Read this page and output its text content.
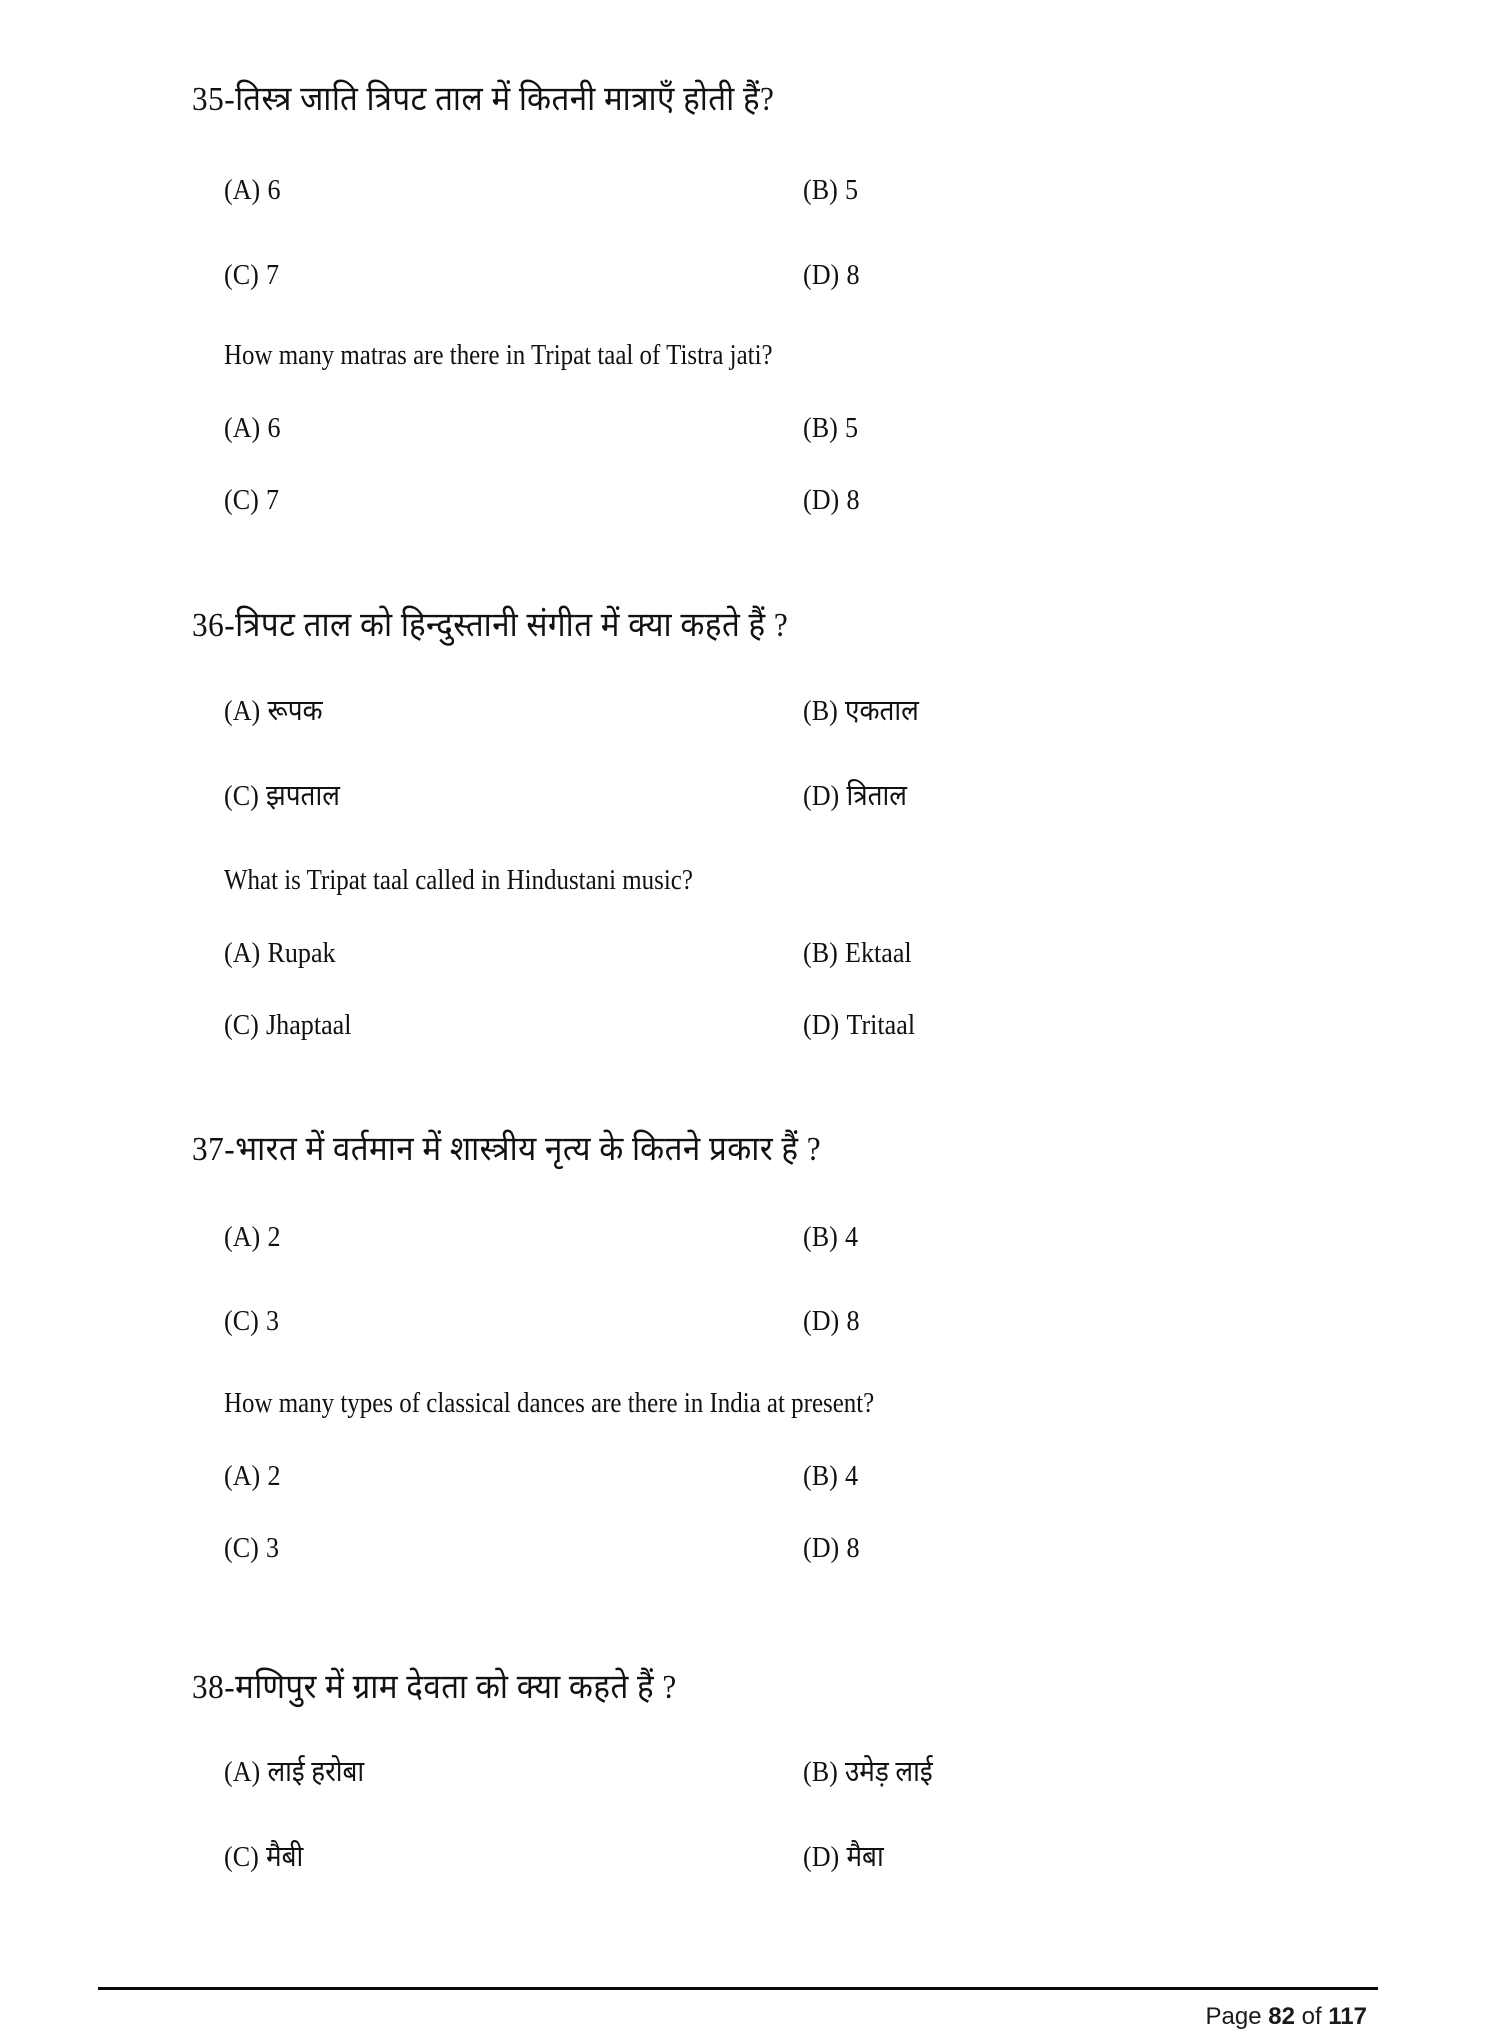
35-तिस्त्र जाति त्रिपट ताल में कितनी मात्राएँ होती हैं?
(A) 6	(B) 5
(C) 7	(D) 8
How many matras are there in Tripat taal of Tistra jati?
(A) 6	(B) 5
(C) 7	(D) 8
36-त्रिपट ताल को हिन्दुस्तानी संगीत में क्या कहते हैं ?
(A) रूपक	(B) एकताल
(C) झपताल	(D) त्रिताल
What is Tripat taal called in Hindustani music?
(A) Rupak	(B) Ektaal
(C) Jhaptaal	(D) Tritaal
37-भारत में वर्तमान में शास्त्रीय नृत्य के कितने प्रकार हैं ?
(A) 2	(B) 4
(C) 3	(D) 8
How many types of classical dances are there in India at present?
(A) 2	(B) 4
(C) 3	(D) 8
38-मणिपुर में ग्राम देवता को क्या कहते हैं ?
(A) लाई हरोबा	(B) उमेड़ लाई
(C) मैबी	(D) मैबा
Page 82 of 117
